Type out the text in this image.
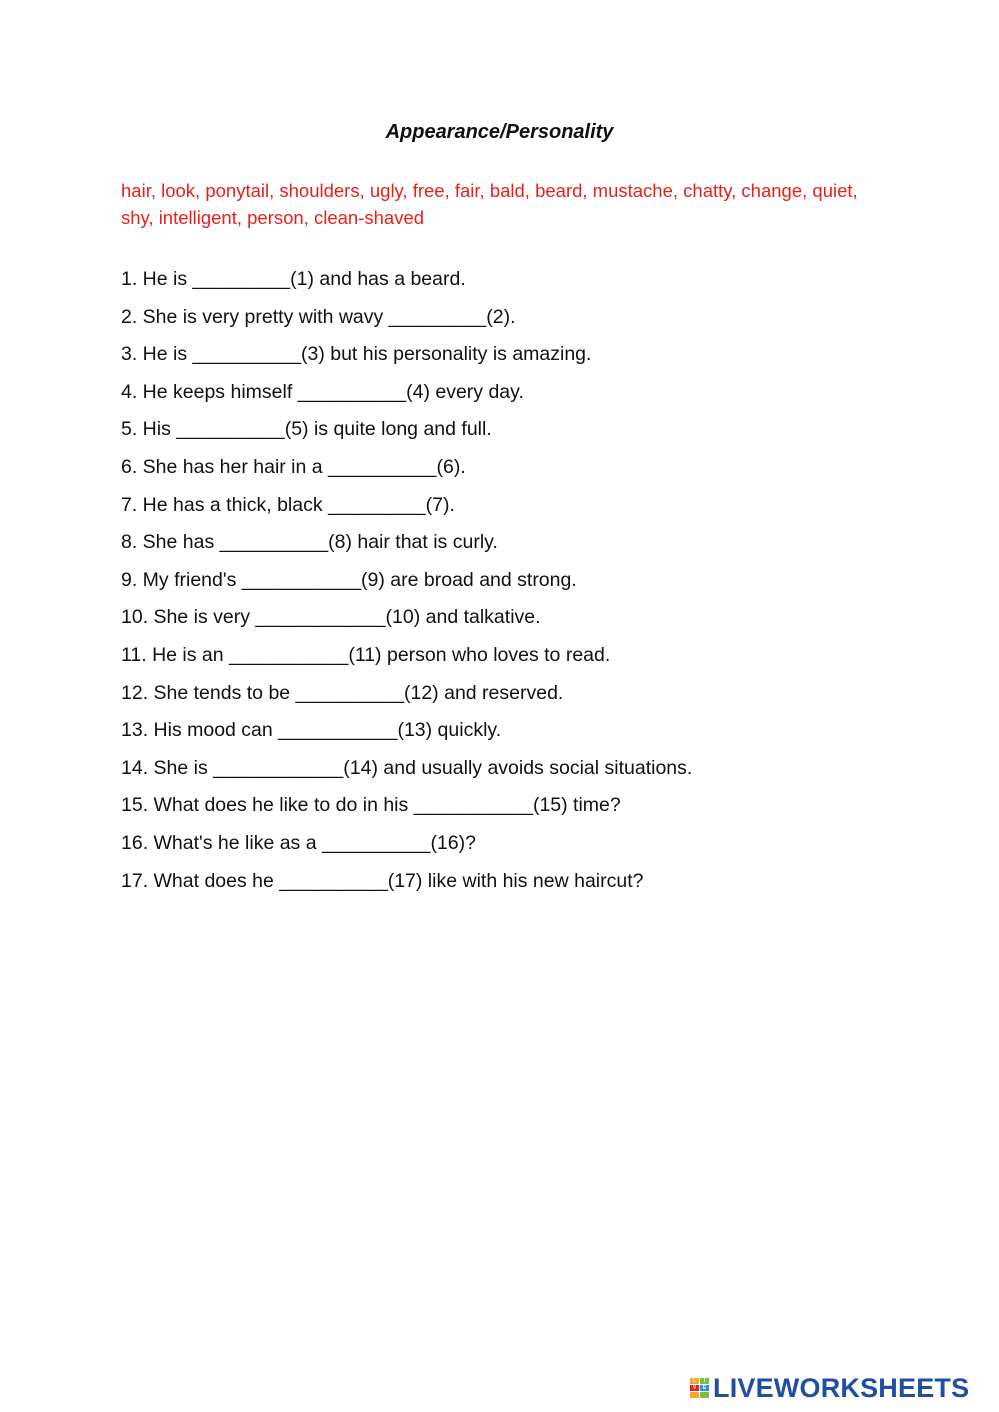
Appearance/Personality

hair, look, ponytail, shoulders, ugly, free, fair, bald, beard, mustache, chatty, change, quiet, shy, intelligent, person, clean-shaved

1. He is _________(1) and has a beard.
2. She is very pretty with wavy _________(2).
3. He is __________(3) but his personality is amazing.
4. He keeps himself __________(4) every day.
5. His __________(5) is quite long and full.
6. She has her hair in a __________(6).
7. He has a thick, black _________(7).
8. She has __________(8) hair that is curly.
9. My friend's ___________(9) are broad and strong.
10. She is very ____________(10) and talkative.
11. He is an ___________(11) person who loves to read.
12. She tends to be __________(12) and reserved.
13. His mood can ___________(13) quickly.
14. She is ____________(14) and usually avoids social situations.
15. What does he like to do in his ___________(15) time?
16. What's he like as a __________(16)?
17. What does he __________(17) like with his new haircut?
L	I
V	E LIVEWORKSHEETS
